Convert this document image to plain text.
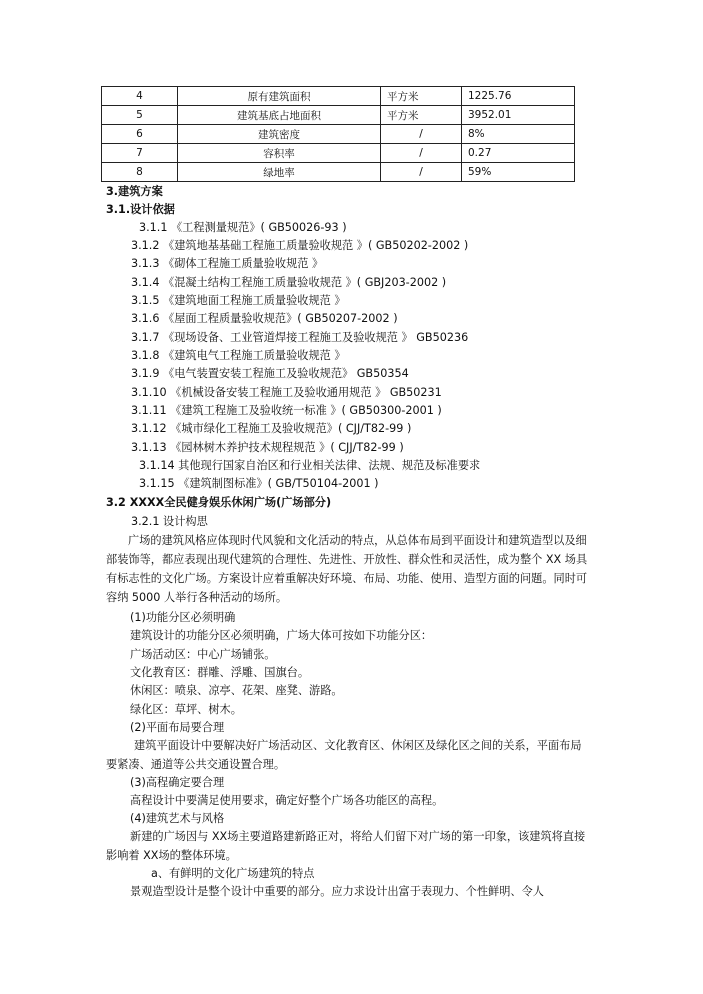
4	原有建筑面积	平方米	1225.76
5	建筑基底占地面积	平方米	3952.01
6	建筑密度	/	8%
7	容积率	/	0.27
8	绿地率	/	59%
3.建筑方案
3.1.设计依据
3.1.1 《工程测量规范》( GB50026-93 )
3.1.2 《建筑地基基础工程施工质量验收规范 》( GB50202-2002 )
3.1.3 《砌体工程施工质量验收规范 》
3.1.4 《混凝土结构工程施工质量验收规范 》( GBJ203-2002 )
3.1.5 《建筑地面工程施工质量验收规范 》
3.1.6 《屋面工程质量验收规范》( GB50207-2002 )
3.1.7 《现场设备、工业管道焊接工程施工及验收规范 》 GB50236
3.1.8 《建筑电气工程施工质量验收规范 》
3.1.9 《电气装置安装工程施工及验收规范》 GB50354
3.1.10 《机械设备安装工程施工及验收通用规范 》 GB50231
3.1.11 《建筑工程施工及验收统一标准 》( GB50300-2001 )
3.1.12 《城市绿化工程施工及验收规范》( CJJ/T82-99 )
3.1.13 《园林树木养护技术规程规范 》( CJJ/T82-99 )
3.1.14 其他现行国家自治区和行业相关法律、法规、规范及标准要求
3.1.15 《建筑制图标准》( GB/T50104-2001 )
3.2 XXXX全民健身娱乐休闲广场(广场部分)
3.2.1 设计构思
广场的建筑风格应体现时代风貌和文化活动的特点，从总体布局到平面设计和建筑造型以及细部装饰等，都应表现出现代建筑的合理性、先进性、开放性、群众性和灵活性，成为整个 XX 场具有标志性的文化广场。方案设计应着重解决好环境、布局、功能、使用、造型方面的问题。同时可容纳 5000 人举行各种活动的场所。
(1)功能分区必须明确
建筑设计的功能分区必须明确，广场大体可按如下功能分区：
广场活动区：中心广场铺张。
文化教育区：群雕、浮雕、国旗台。
休闲区：喷泉、凉亭、花架、座凳、游路。
绿化区：草坪、树木。
(2)平面布局要合理
建筑平面设计中要解决好广场活动区、文化教育区、休闲区及绿化区之间的关系，平面布局要紧凑、通道等公共交通设置合理。
(3)高程确定要合理
高程设计中要满足使用要求，确定好整个广场各功能区的高程。
(4)建筑艺术与风格
新建的广场因与 XX场主要道路建新路正对，将给人们留下对广场的第一印象，该建筑将直接影响着 XX场的整体环境。
a、有鲜明的文化广场建筑的特点
景观造型设计是整个设计中重要的部分。应力求设计出富于表现力、个性鲜明、令人
